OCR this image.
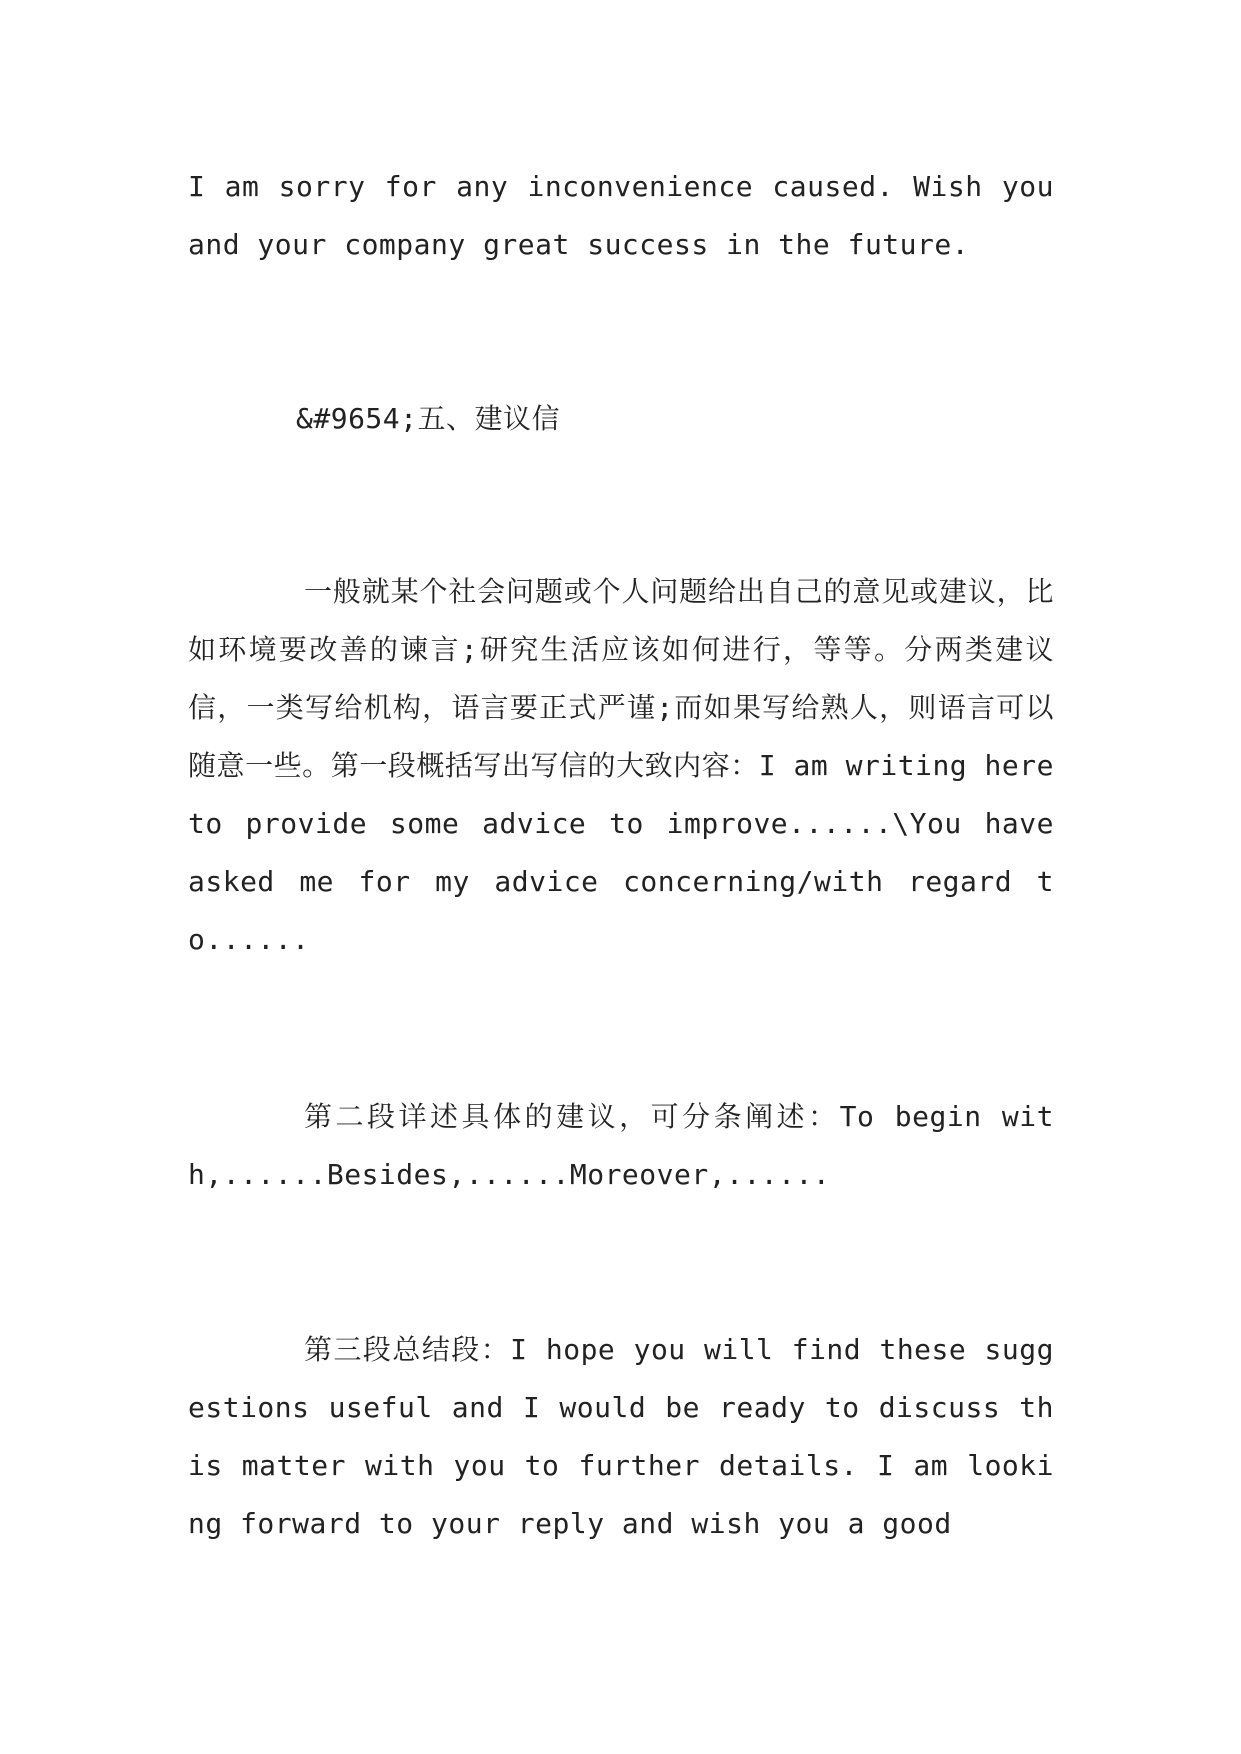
I am sorry for any inconvenience caused. Wish you and your company great success in the future.

&#9654;五、建议信

一般就某个社会问题或个人问题给出自己的意见或建议，比如环境要改善的谏言;研究生活应该如何进行，等等。分两类建议信，一类写给机构，语言要正式严谨;而如果写给熟人，则语言可以随意一些。第一段概括写出写信的大致内容：I am writing here to provide some advice to improve......\You have asked me for my advice concerning/with regard to......

第二段详述具体的建议，可分条阐述：To begin with,......Besides,......Moreover,......

第三段总结段：I hope you will find these suggestions useful and I would be ready to discuss this matter with you to further details. I am looking forward to your reply and wish you a good
